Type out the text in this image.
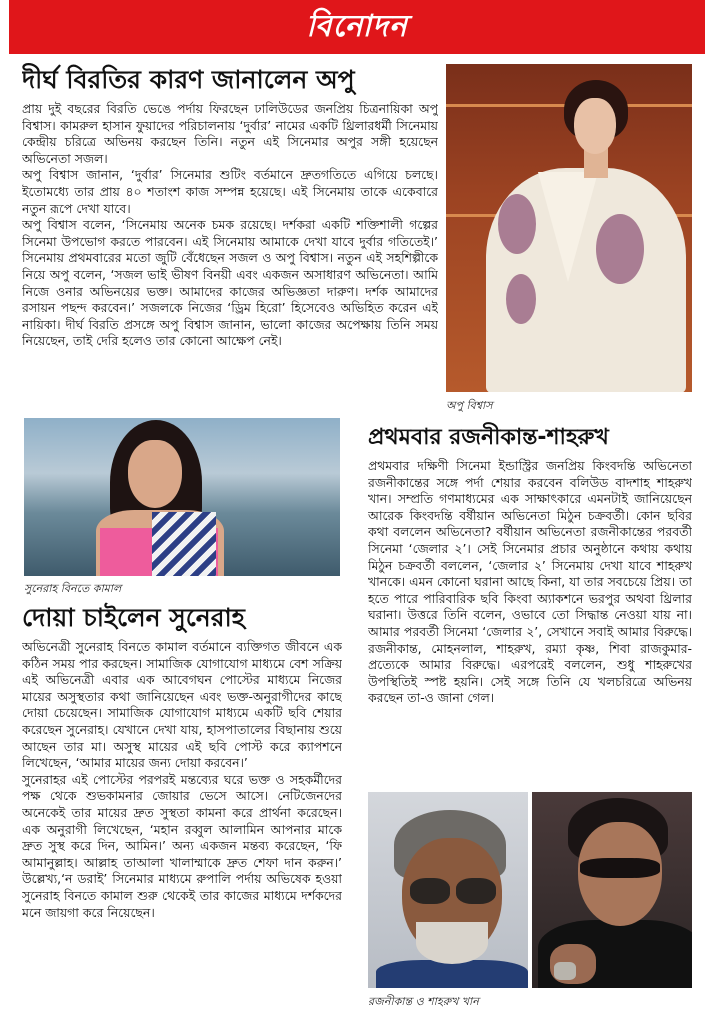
বিনোদন
দীর্ঘ বিরতির কারণ জানালেন অপু

প্রায় দুই বছরের বিরতি ভেঙে পর্দায় ফিরছেন ঢালিউডের জনপ্রিয় চিত্রনায়িকা অপু বিশ্বাস। কামরুল হাসান ফুয়াদের পরিচালনায় ‘দুর্বার’ নামের একটি থ্রিলারধর্মী সিনেমায় কেন্দ্রীয় চরিত্রে অভিনয় করছেন তিনি। নতুন এই সিনেমার অপুর সঙ্গী হয়েছেন অভিনেতা সজল।

অপু বিশ্বাস জানান, ‘দুর্বার’ সিনেমার শুটিং বর্তমানে দ্রুতগতিতে এগিয়ে চলছে। ইতোমধ্যে তার প্রায় ৪০ শতাংশ কাজ সম্পন্ন হয়েছে। এই সিনেমায় তাকে একেবারে নতুন রূপে দেখা যাবে।

অপু বিশ্বাস বলেন, ‘সিনেমায় অনেক চমক রয়েছে। দর্শকরা একটি শক্তিশালী গল্পের সিনেমা উপভোগ করতে পারবেন। এই সিনেমায় আমাকে দেখা যাবে দুর্বার গতিতেই।’ সিনেমায় প্রথমবারের মতো জুটি বেঁধেছেন সজল ও অপু বিশ্বাস। নতুন এই সহশিল্পীকে নিয়ে অপু বলেন, ‘সজল ভাই ভীষণ বিনয়ী এবং একজন অসাধারণ অভিনেতা। আমি নিজে ওনার অভিনয়ের ভক্ত। আমাদের কাজের অভিজ্ঞতা দারুণ। দর্শক আমাদের রসায়ন পছন্দ করবেন।’ সজলকে নিজের ‘ড্রিম হিরো’ হিসেবেও অভিহিত করেন এই নায়িকা। দীর্ঘ বিরতি প্রসঙ্গে অপু বিশ্বাস জানান, ভালো কাজের অপেক্ষায় তিনি সময় নিয়েছেন, তাই দেরি হলেও তার কোনো আক্ষেপ নেই।

অপু বিশ্বাস
সুনেরাহ বিনতে কামাল
দোয়া চাইলেন সুনেরাহ

অভিনেত্রী সুনেরাহ বিনতে কামাল বর্তমানে ব্যক্তিগত জীবনে এক কঠিন সময় পার করছেন। সামাজিক যোগাযোগ মাধ্যমে বেশ সক্রিয় এই অভিনেত্রী এবার এক আবেগঘন পোস্টের মাধ্যমে নিজের মায়ের অসুস্থতার কথা জানিয়েছেন এবং ভক্ত-অনুরাগীদের কাছে দোয়া চেয়েছেন। সামাজিক যোগাযোগ মাধ্যমে একটি ছবি শেয়ার করেছেন সুনেরাহ। যেখানে দেখা যায়, হাসপাতালের বিছানায় শুয়ে আছেন তার মা। অসুস্থ মায়ের এই ছবি পোস্ট করে ক্যাপশনে লিখেছেন, ‘আমার মায়ের জন্য দোয়া করবেন।’

সুনেরাহর এই পোস্টের পরপরই মন্তব্যের ঘরে ভক্ত ও সহকর্মীদের পক্ষ থেকে শুভকামনার জোয়ার ভেসে আসে। নেটিজেনদের অনেকেই তার মায়ের দ্রুত সুস্থতা কামনা করে প্রার্থনা করেছেন। এক অনুরাগী লিখেছেন, ‘মহান রব্বুল আলামিন আপনার মাকে দ্রুত সুস্থ করে দিন, আমিন।’ অন্য একজন মন্তব্য করেছেন, ‘ফি আমানুল্লাহ। আল্লাহ তাআলা খালাম্মাকে দ্রুত শেফা দান করুন।’ উল্লেখ্য,‘ন ডরাই’ সিনেমার মাধ্যমে রুপালি পর্দায় অভিষেক হওয়া সুনেরাহ বিনতে কামাল শুরু থেকেই তার কাজের মাধ্যমে দর্শকদের মনে জায়গা করে নিয়েছেন।

প্রথমবার রজনীকান্ত-শাহরুখ

প্রথমবার দক্ষিণী সিনেমা ইন্ডাস্ট্রির জনপ্রিয় কিংবদন্তি অভিনেতা রজনীকান্তের সঙ্গে পর্দা শেয়ার করবেন বলিউড বাদশাহ শাহরুখ খান। সম্প্রতি গণমাধ্যমের এক সাক্ষাৎকারে এমনটাই জানিয়েছেন আরেক কিংবদন্তি বর্ষীয়ান অভিনেতা মিঠুন চক্রবর্তী। কোন ছবির কথা বললেন অভিনেতা? বর্ষীয়ান অভিনেতা রজনীকান্তের পরবর্তী সিনেমা ‘জেলার ২’। সেই সিনেমার প্রচার অনুষ্ঠানে কথায় কথায় মিঠুন চক্রবর্তী বললেন, ‘জেলার ২’ সিনেমায় দেখা যাবে শাহরুখ খানকে। এমন কোনো ঘরানা আছে কিনা, যা তার সবচেয়ে প্রিয়। তা হতে পারে পারিবারিক ছবি কিংবা অ্যাকশনে ভরপুর অথবা থ্রিলার ঘরানা। উত্তরে তিনি বলেন, ওভাবে তো সিদ্ধান্ত নেওয়া যায় না। আমার পরবর্তী সিনেমা ‘জেলার ২’, সেখানে সবাই আমার বিরুদ্ধে। রজনীকান্ত, মোহনলাল, শাহরুখ, রম্যা কৃষ্ণ, শিবা রাজকুমার- প্রত্যেকে আমার বিরুদ্ধে। এরপরেই বললেন, শুধু শাহরুখের উপস্থিতিই স্পষ্ট হয়নি। সেই সঙ্গে তিনি যে খলচরিত্রে অভিনয় করছেন তা-ও জানা গেল।

রজনীকান্ত ও শাহরুখ খান
